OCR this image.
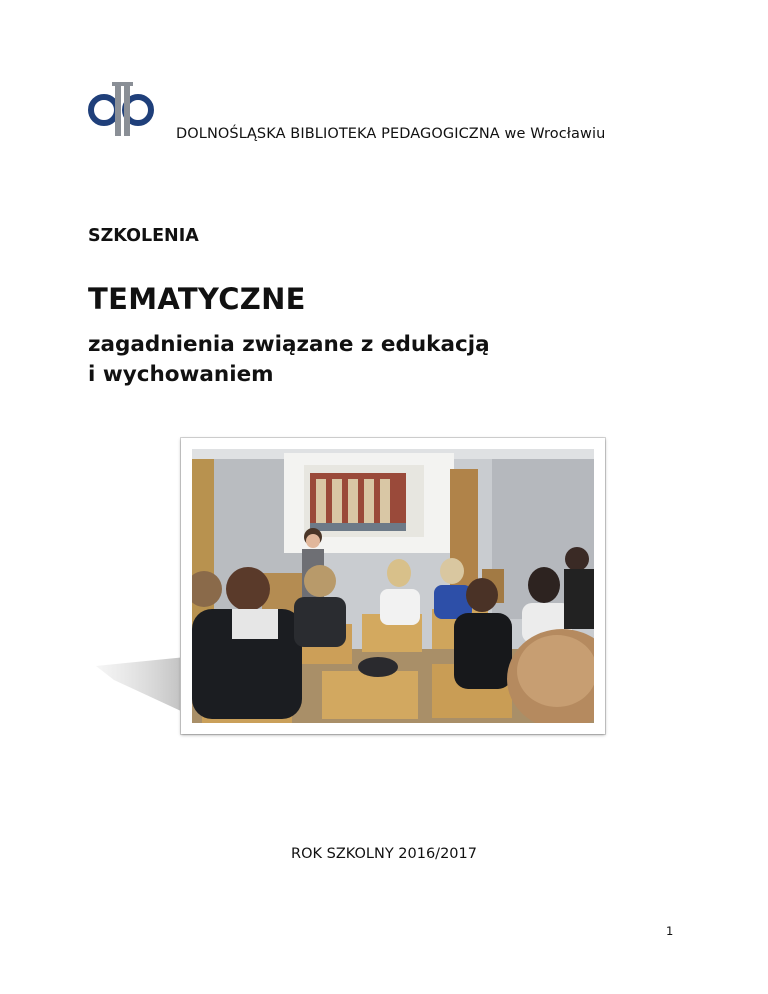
DOLNOŚLĄSKA BIBLIOTEKA PEDAGOGICZNA we Wrocławiu
SZKOLENIA
TEMATYCZNE
zagadnienia związane z edukacją
i wychowaniem
ROK SZKOLNY 2016/2017
1
